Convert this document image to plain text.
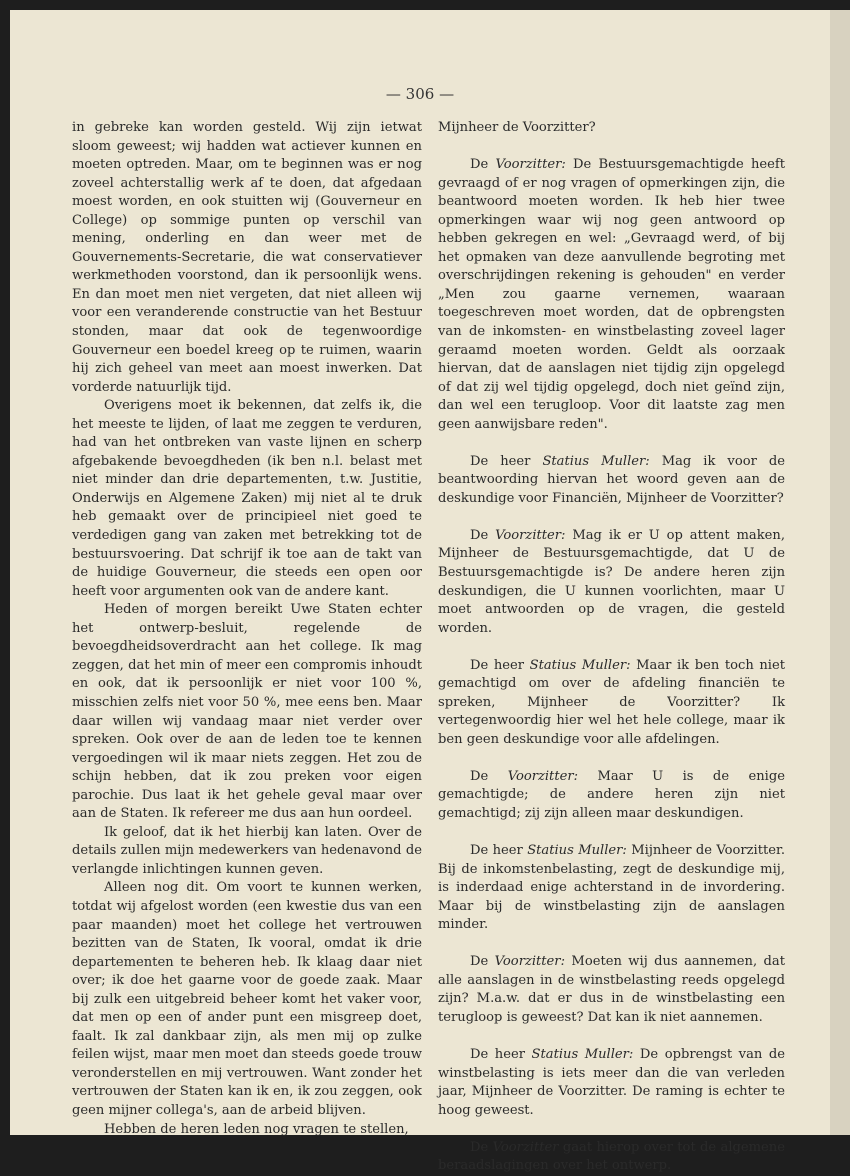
— 306 —

in gebreke kan worden gesteld. Wij zijn ietwat sloom geweest; wij hadden wat actiever kunnen en moeten optreden. Maar, om te beginnen was er nog zoveel achterstallig werk af te doen, dat afgedaan moest worden, en ook stuitten wij (Gouverneur en College) op sommige punten op verschil van mening, onderling en dan weer met de Gouvernements-Secretarie, die wat conservatiever werkmethoden voorstond, dan ik persoonlijk wens. En dan moet men niet vergeten, dat niet alleen wij voor een veranderende constructie van het Bestuur stonden, maar dat ook de tegenwoordige Gouverneur een boedel kreeg op te ruimen, waarin hij zich geheel van meet aan moest inwerken. Dat vorderde natuurlijk tijd.

Overigens moet ik bekennen, dat zelfs ik, die het meeste te lijden, of laat me zeggen te verduren, had van het ontbreken van vaste lijnen en scherp afgebakende bevoegdheden (ik ben n.l. belast met niet minder dan drie departementen, t.w. Justitie, Onderwijs en Algemene Zaken) mij niet al te druk heb gemaakt over de principieel niet goed te verdedigen gang van zaken met betrekking tot de bestuursvoering. Dat schrijf ik toe aan de takt van de huidige Gouverneur, die steeds een open oor heeft voor argumenten ook van de andere kant.

Heden of morgen bereikt Uwe Staten echter het ontwerp-besluit, regelende de bevoegdheidsoverdracht aan het college. Ik mag zeggen, dat het min of meer een compromis inhoudt en ook, dat ik persoonlijk er niet voor 100 %, misschien zelfs niet voor 50 %, mee eens ben. Maar daar willen wij vandaag maar niet verder over spreken. Ook over de aan de leden toe te kennen vergoedingen wil ik maar niets zeggen. Het zou de schijn hebben, dat ik zou preken voor eigen parochie. Dus laat ik het gehele geval maar over aan de Staten. Ik refereer me dus aan hun oordeel.

Ik geloof, dat ik het hierbij kan laten. Over de details zullen mijn medewerkers van hedenavond de verlangde inlichtingen kunnen geven.

Alleen nog dit. Om voort te kunnen werken, totdat wij afgelost worden (een kwestie dus van een paar maanden) moet het college het vertrouwen bezitten van de Staten, Ik vooral, omdat ik drie departementen te beheren heb. Ik klaag daar niet over; ik doe het gaarne voor de goede zaak. Maar bij zulk een uitgebreid beheer komt het vaker voor, dat men op een of ander punt een misgreep doet, faalt. Ik zal dankbaar zijn, als men mij op zulke feilen wijst, maar men moet dan steeds goede trouw veronderstellen en mij vertrouwen. Want zonder het vertrouwen der Staten kan ik en, ik zou zeggen, ook geen mijner collega's, aan de arbeid blijven.

Hebben de heren leden nog vragen te stellen,

Mijnheer de Voorzitter?

De Voorzitter: De Bestuursgemachtigde heeft gevraagd of er nog vragen of opmerkingen zijn, die beantwoord moeten worden. Ik heb hier twee opmerkingen waar wij nog geen antwoord op hebben gekregen en wel: „Gevraagd werd, of bij het opmaken van deze aanvullende begroting met overschrijdingen rekening is gehouden" en verder „Men zou gaarne vernemen, waaraan toegeschreven moet worden, dat de opbrengsten van de inkomsten- en winstbelasting zoveel lager geraamd moeten worden. Geldt als oorzaak hiervan, dat de aanslagen niet tijdig zijn opgelegd of dat zij wel tijdig opgelegd, doch niet geïnd zijn, dan wel een terugloop. Voor dit laatste zag men geen aanwijsbare reden".

De heer Statius Muller: Mag ik voor de beantwoording hiervan het woord geven aan de deskundige voor Financiën, Mijnheer de Voorzitter?

De Voorzitter: Mag ik er U op attent maken, Mijnheer de Bestuursgemachtigde, dat U de Bestuursgemachtigde is? De andere heren zijn deskundigen, die U kunnen voorlichten, maar U moet antwoorden op de vragen, die gesteld worden.

De heer Statius Muller: Maar ik ben toch niet gemachtigd om over de afdeling financiën te spreken, Mijnheer de Voorzitter? Ik vertegenwoordig hier wel het hele college, maar ik ben geen deskundige voor alle afdelingen.

De Voorzitter: Maar U is de enige gemachtigde; de andere heren zijn niet gemachtigd; zij zijn alleen maar deskundigen.

De heer Statius Muller: Mijnheer de Voorzitter. Bij de inkomstenbelasting, zegt de deskundige mij, is inderdaad enige achterstand in de invordering. Maar bij de winstbelasting zijn de aanslagen minder.

De Voorzitter: Moeten wij dus aannemen, dat alle aanslagen in de winstbelasting reeds opgelegd zijn? M.a.w. dat er dus in de winstbelasting een terugloop is geweest? Dat kan ik niet aannemen.

De heer Statius Muller: De opbrengst van de winstbelasting is iets meer dan die van verleden jaar, Mijnheer de Voorzitter. De raming is echter te hoog geweest.

De Voorzitter gaat hierop over tot de algemene beraadslagingen over het ontwerp.
